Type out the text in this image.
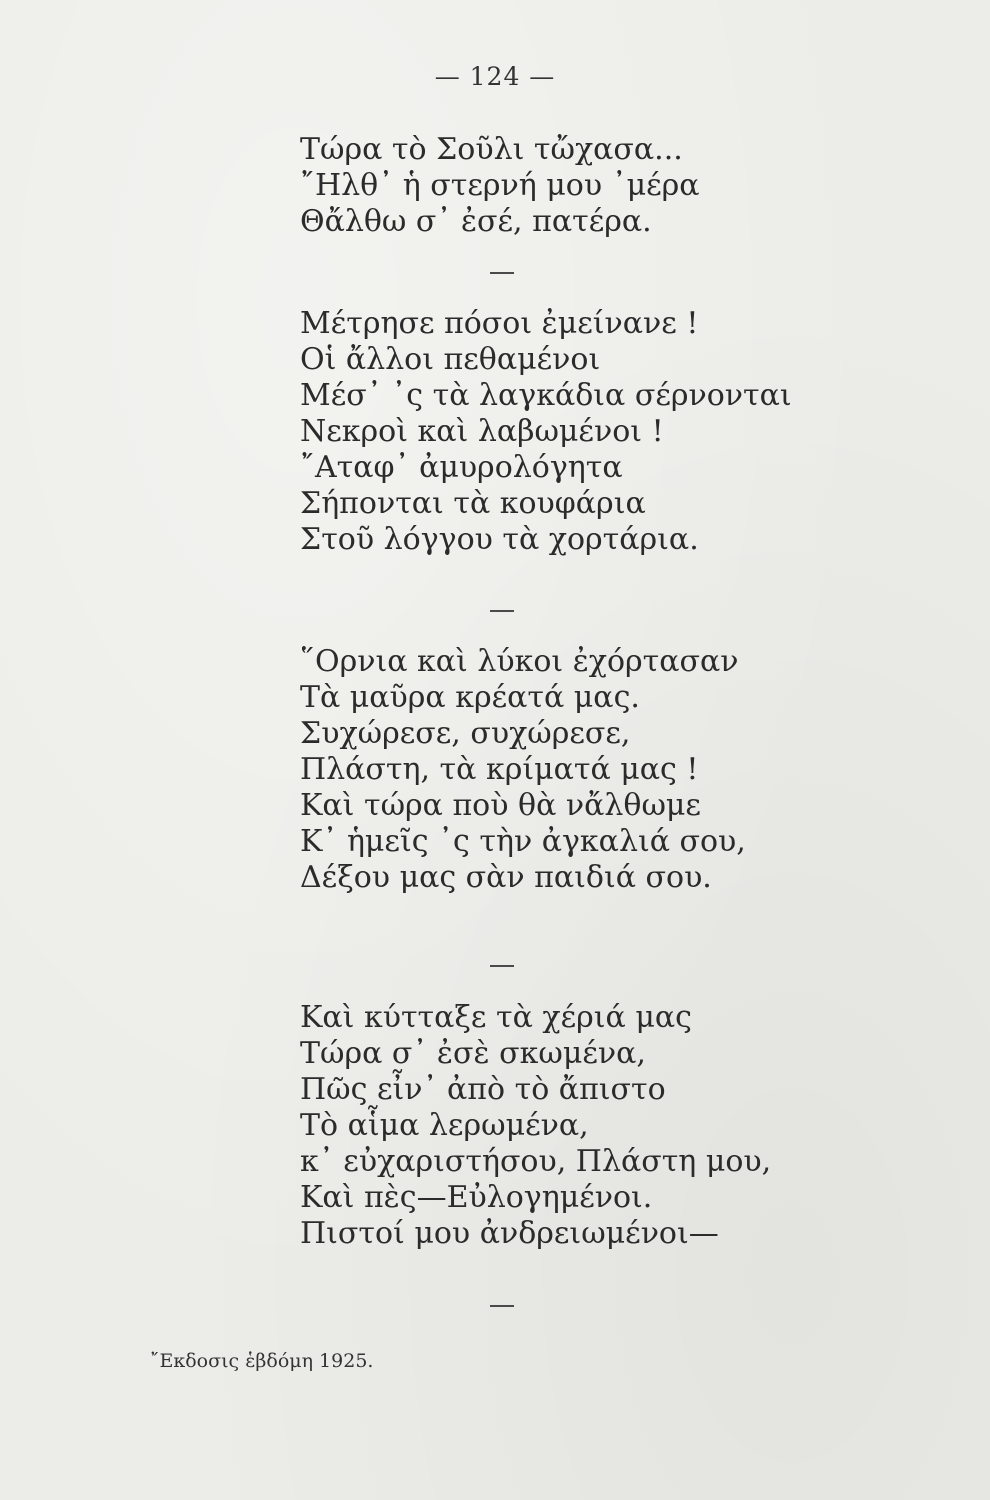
— 124 —
Τώρα τὸ Σοῦλι τὤχασα...
῎Ηλθ᾿ ἡ στερνή μου ᾿μέρα
Θἄλθω σ᾿ ἐσέ, πατέρα.
Μέτρησε πόσοι ἐμείνανε !
Οἱ ἄλλοι πεθαμένοι
Μέσ᾿ ᾿ς τὰ λαγκάδια σέρνονται
Νεκροὶ καὶ λαβωμένοι !
῎Αταφ᾿ ἀμυρολόγητα
Σήπονται τὰ κουφάρια
Στοῦ λόγγου τὰ χορτάρια.
῞Ορνια καὶ λύκοι ἐχόρτασαν
Τὰ μαῦρα κρέατά μας.
Συχώρεσε, συχώρεσε,
Πλάστη, τὰ κρίματά μας !
Καὶ τώρα ποὺ θὰ νἄλθωμε
Κ᾿ ἡμεῖς ᾿ς τὴν ἀγκαλιά σου,
Δέξου μας σὰν παιδιά σου.
Καὶ κύτταξε τὰ χέριά μας
Τώρα σ᾿ ἐσὲ σκωμένα,
Πῶς εἶν᾿ ἀπὸ τὸ ἄπιστο
Τὸ αἷμα λερωμένα,
κ᾿ εὐχαριστήσου, Πλάστη μου,
Καὶ πὲς—Εὐλογημένοι.
Πιστοί μου ἀνδρειωμένοι—
῎Εκδοσις ἑβδόμη 1925.
